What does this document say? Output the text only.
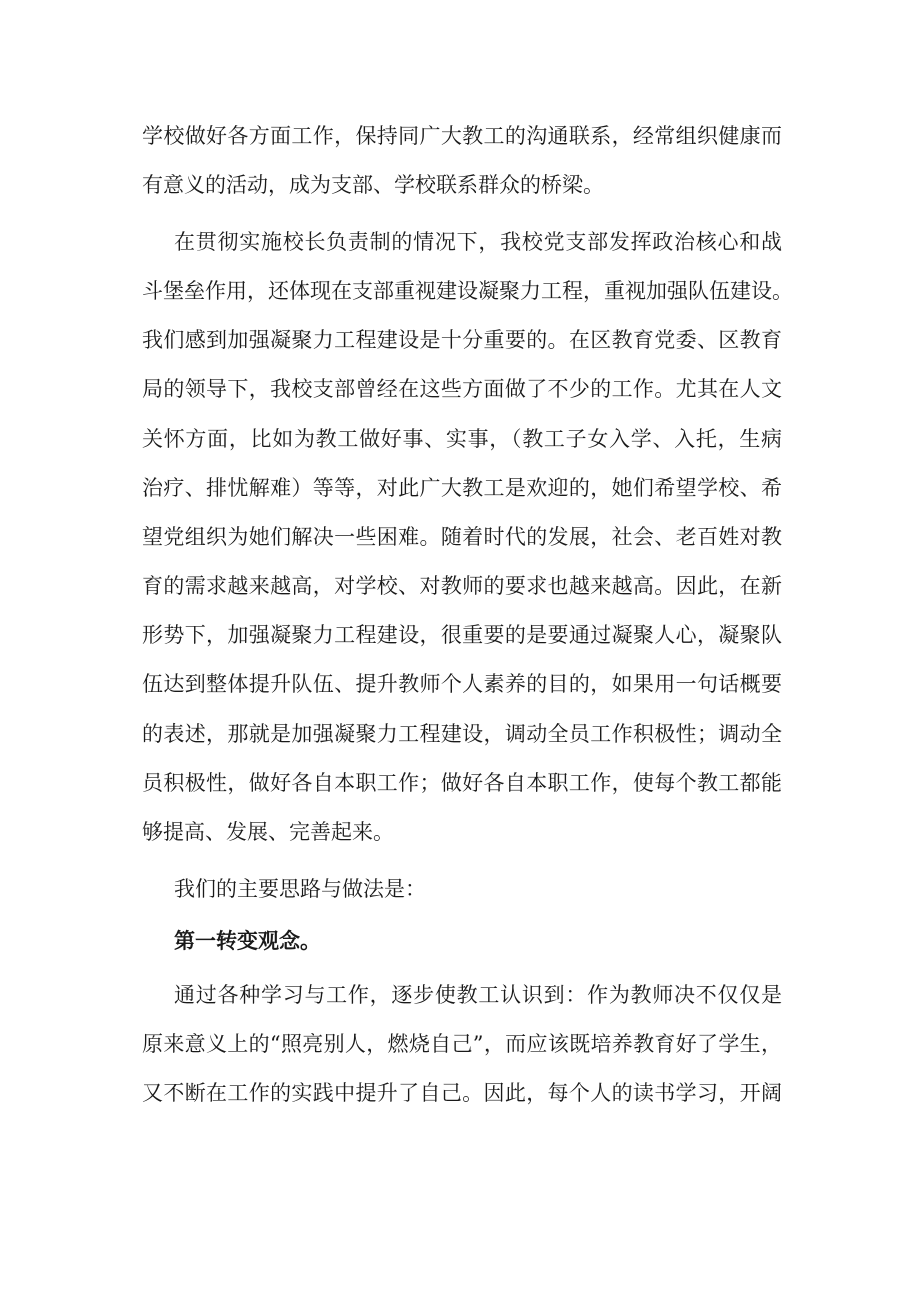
学校做好各方面工作，保持同广大教工的沟通联系，经常组织健康而
有意义的活动，成为支部、学校联系群众的桥梁。
在贯彻实施校长负责制的情况下，我校党支部发挥政治核心和战
斗堡垒作用，还体现在支部重视建设凝聚力工程，重视加强队伍建设。
我们感到加强凝聚力工程建设是十分重要的。在区教育党委、区教育
局的领导下，我校支部曾经在这些方面做了不少的工作。尤其在人文
关怀方面，比如为教工做好事、实事，（教工子女入学、入托，生病
治疗、排忧解难）等等，对此广大教工是欢迎的，她们希望学校、希
望党组织为她们解决一些困难。随着时代的发展，社会、老百姓对教
育的需求越来越高，对学校、对教师的要求也越来越高。因此，在新
形势下，加强凝聚力工程建设，很重要的是要通过凝聚人心，凝聚队
伍达到整体提升队伍、提升教师个人素养的目的，如果用一句话概要
的表述，那就是加强凝聚力工程建设，调动全员工作积极性；调动全
员积极性，做好各自本职工作；做好各自本职工作，使每个教工都能
够提高、发展、完善起来。
我们的主要思路与做法是：
第一转变观念。
通过各种学习与工作，逐步使教工认识到：作为教师决不仅仅是
原来意义上的“照亮别人，燃烧自己”，而应该既培养教育好了学生，
又不断在工作的实践中提升了自己。因此，每个人的读书学习，开阔
